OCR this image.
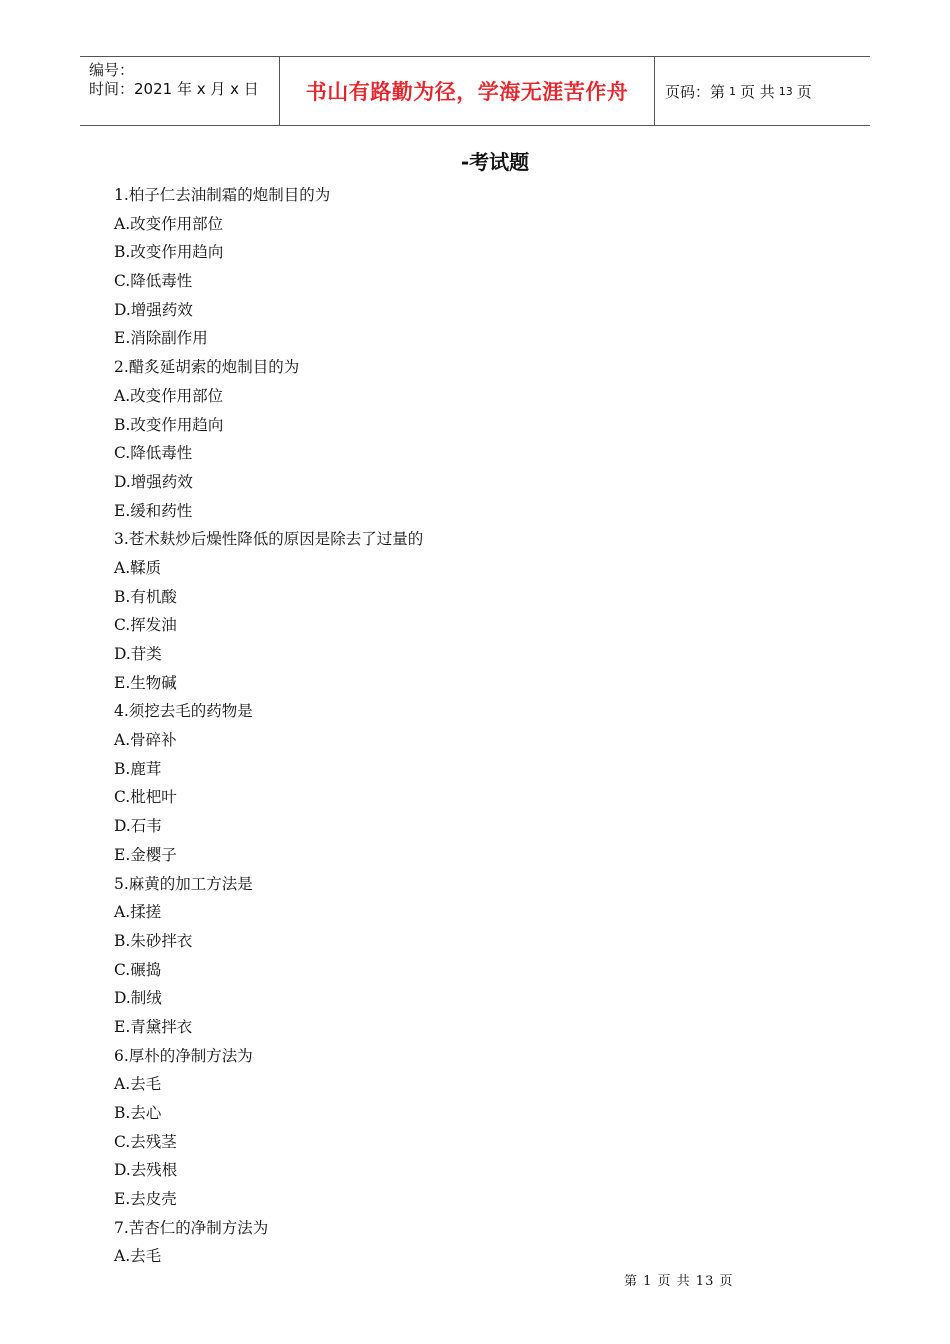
编号：
时间：2021 年 x 月 x 日	书山有路勤为径，学海无涯苦作舟	页码：第 1 页 共 13 页
-考试题
1.柏子仁去油制霜的炮制目的为
A.改变作用部位
B.改变作用趋向
C.降低毒性
D.增强药效
E.消除副作用
2.醋炙延胡索的炮制目的为
A.改变作用部位
B.改变作用趋向
C.降低毒性
D.增强药效
E.缓和药性
3.苍术麸炒后燥性降低的原因是除去了过量的
A.鞣质
B.有机酸
C.挥发油
D.苷类
E.生物碱
4.须挖去毛的药物是
A.骨碎补
B.鹿茸
C.枇杷叶
D.石韦
E.金樱子
5.麻黄的加工方法是
A.揉搓
B.朱砂拌衣
C.碾捣
D.制绒
E.青黛拌衣
6.厚朴的净制方法为
A.去毛
B.去心
C.去残茎
D.去残根
E.去皮壳
7.苦杏仁的净制方法为
A.去毛
第 1 页 共 13 页
